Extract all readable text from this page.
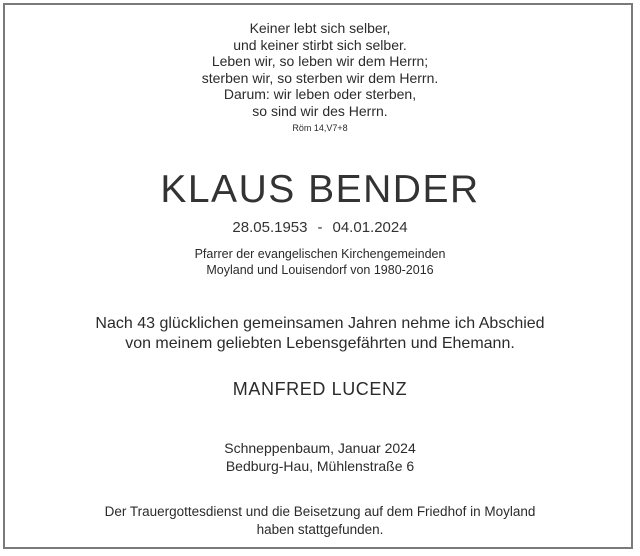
Keiner lebt sich selber,
und keiner stirbt sich selber.
Leben wir, so leben wir dem Herrn;
sterben wir, so sterben wir dem Herrn.
Darum: wir leben oder sterben,
so sind wir des Herrn.
Röm 14,V7+8
KLAUS BENDER
28.05.1953 - 04.01.2024
Pfarrer der evangelischen Kirchengemeinden
Moyland und Louisendorf von 1980-2016
Nach 43 glücklichen gemeinsamen Jahren nehme ich Abschied
von meinem geliebten Lebensgefährten und Ehemann.
MANFRED LUCENZ
Schneppenbaum, Januar 2024
Bedburg-Hau, Mühlenstraße 6
Der Trauergottesdienst und die Beisetzung auf dem Friedhof in Moyland
haben stattgefunden.
